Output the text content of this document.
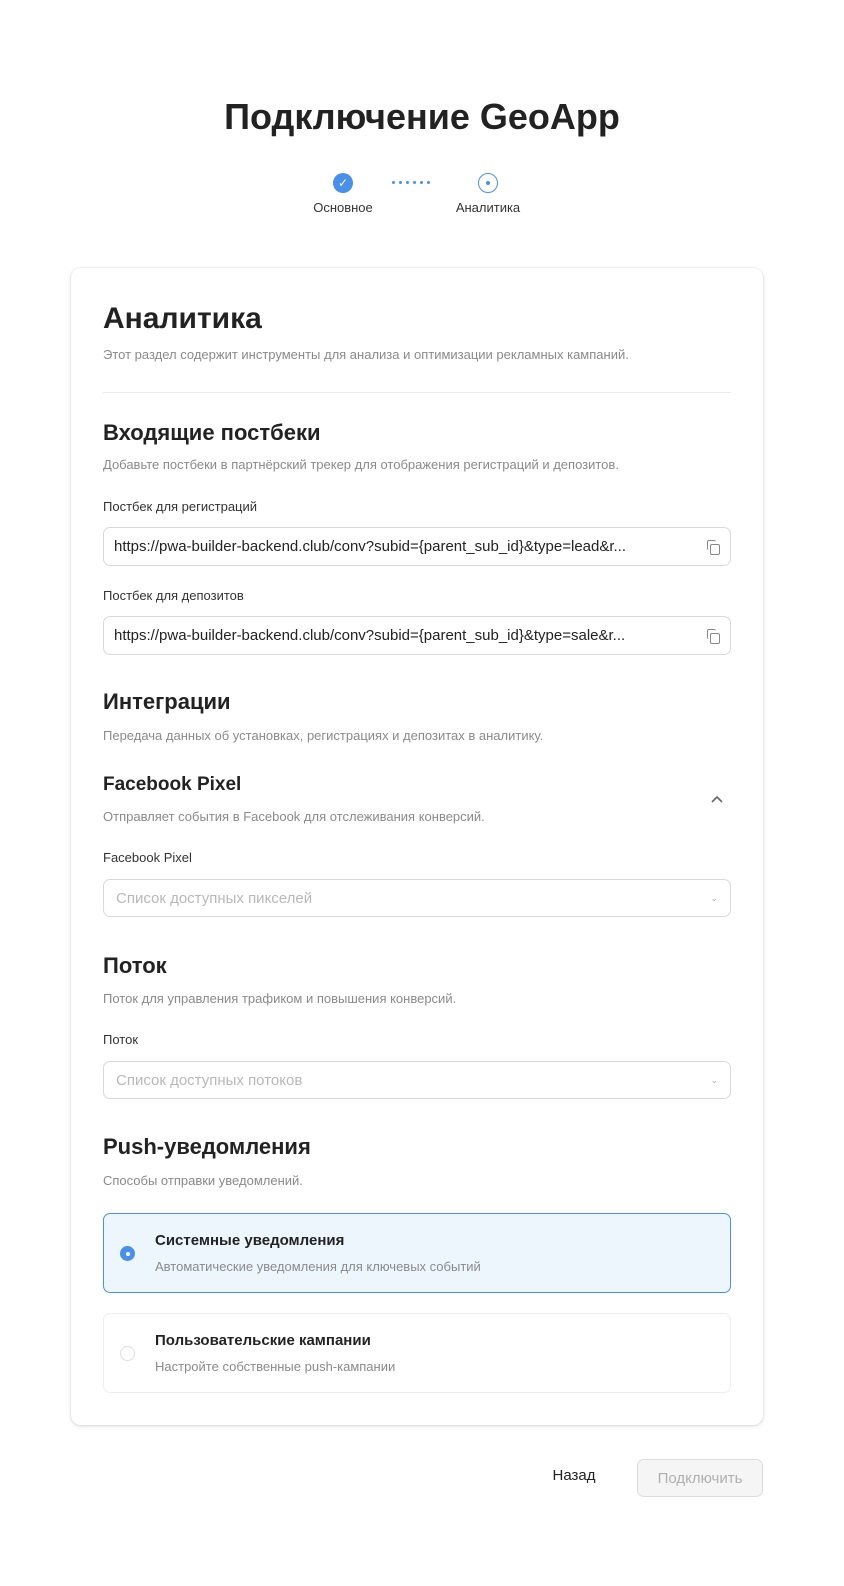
Подключение GeoApp
✓
Основное	Аналитика
Аналитика
Этот раздел содержит инструменты для анализа и оптимизации рекламных кампаний.
Входящие постбеки
Добавьте постбеки в партнёрский трекер для отображения регистраций и депозитов.
Постбек для регистраций
https://pwa-builder-backend.club/conv?subid={parent_sub_id}&type=lead&r...
Постбек для депозитов
https://pwa-builder-backend.club/conv?subid={parent_sub_id}&type=sale&r...
Интеграции
Передача данных об установках, регистрациях и депозитах в аналитику.
Facebook Pixel
Отправляет события в Facebook для отслеживания конверсий.
Facebook Pixel
Список доступных пикселей	⌄
Поток
Поток для управления трафиком и повышения конверсий.
Поток
Список доступных потоков	⌄
Push-уведомления
Способы отправки уведомлений.
Системные уведомления
Автоматические уведомления для ключевых событий
Пользовательские кампании
Настройте собственные push-кампании
Назад	Подключить
